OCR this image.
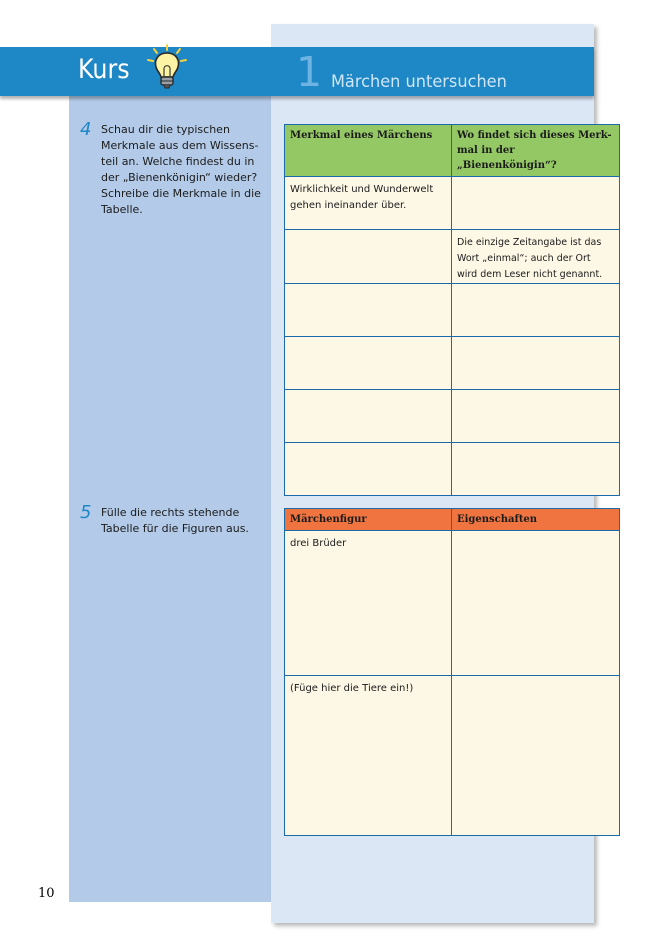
Kurs	1 Märchen untersuchen
4 Schau dir die typischen
Merkmale aus dem Wissens-
teil an. Welche findest du in
der „Bienenkönigin“ wieder?
Schreibe die Merkmale in die
Tabelle.
5 Fülle die rechts stehende
Tabelle für die Figuren aus.
Merkmal eines Märchens	Wo findet sich dieses Merk-
mal in der „Bienenkönigin“?
Wirklichkeit und Wunderwelt
gehen ineinander über.	
	Die einzige Zeitangabe ist das
Wort „einmal“; auch der Ort
wird dem Leser nicht genannt.

Märchenfigur	Eigenschaften
drei Brüder	
(Füge hier die Tiere ein!)	
10
